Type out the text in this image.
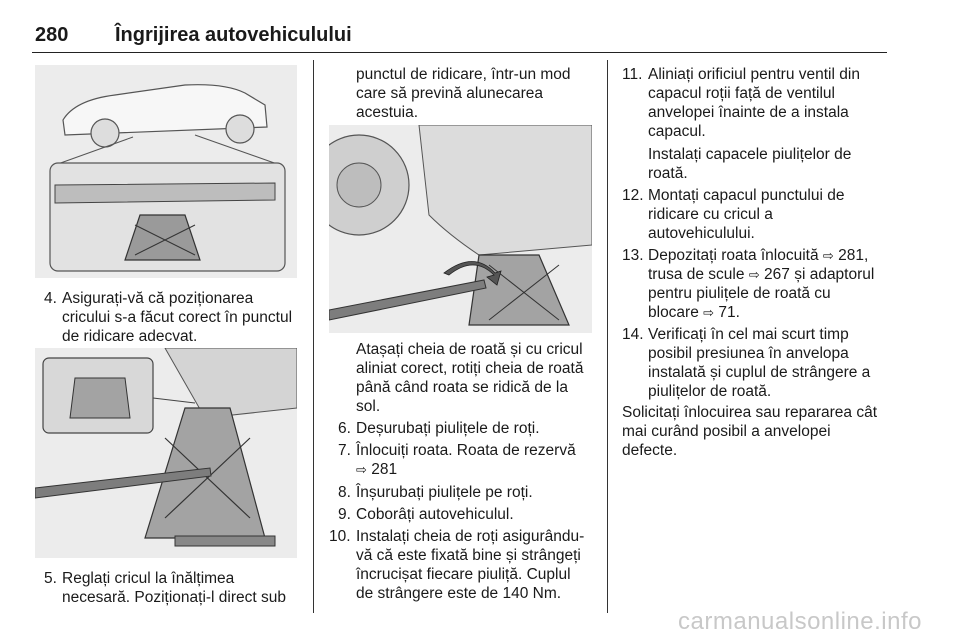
280 Îngrijirea autovehiculului
4. Asigurați-vă că poziționarea
cricului s-a făcut corect în punctul
de ridicare adecvat.
5. Reglați cricul la înălțimea
necesară. Poziționați-l direct sub
punctul de ridicare, într-un mod
care să prevină alunecarea
acestuia.
Atașați cheia de roată și cu cricul
aliniat corect, rotiți cheia de roată
până când roata se ridică de la
sol.
6. Deșurubați piulițele de roți.
7. Înlocuiți roata. Roata de rezervă
⇨ 281
8. Înșurubați piulițele pe roți.
9. Coborâți autovehiculul.
10. Instalați cheia de roți asigurându-
vă că este fixată bine și strângeți
încrucișat fiecare piuliță. Cuplul
de strângere este de 140 Nm.
11. Aliniați orificiul pentru ventil din
capacul roții față de ventilul
anvelopei înainte de a instala
capacul.
Instalați capacele piulițelor de
roată.
12. Montați capacul punctului de
ridicare cu cricul a
autovehiculului.
13. Depozitați roata înlocuită ⇨ 281,
trusa de scule ⇨ 267 și adaptorul
pentru piulițele de roată cu
blocare ⇨ 71.
14. Verificați în cel mai scurt timp
posibil presiunea în anvelopa
instalată și cuplul de strângere a
piulițelor de roată.
Solicitați înlocuirea sau repararea cât
mai curând posibil a anvelopei
defecte.
carmanualsonline.info
